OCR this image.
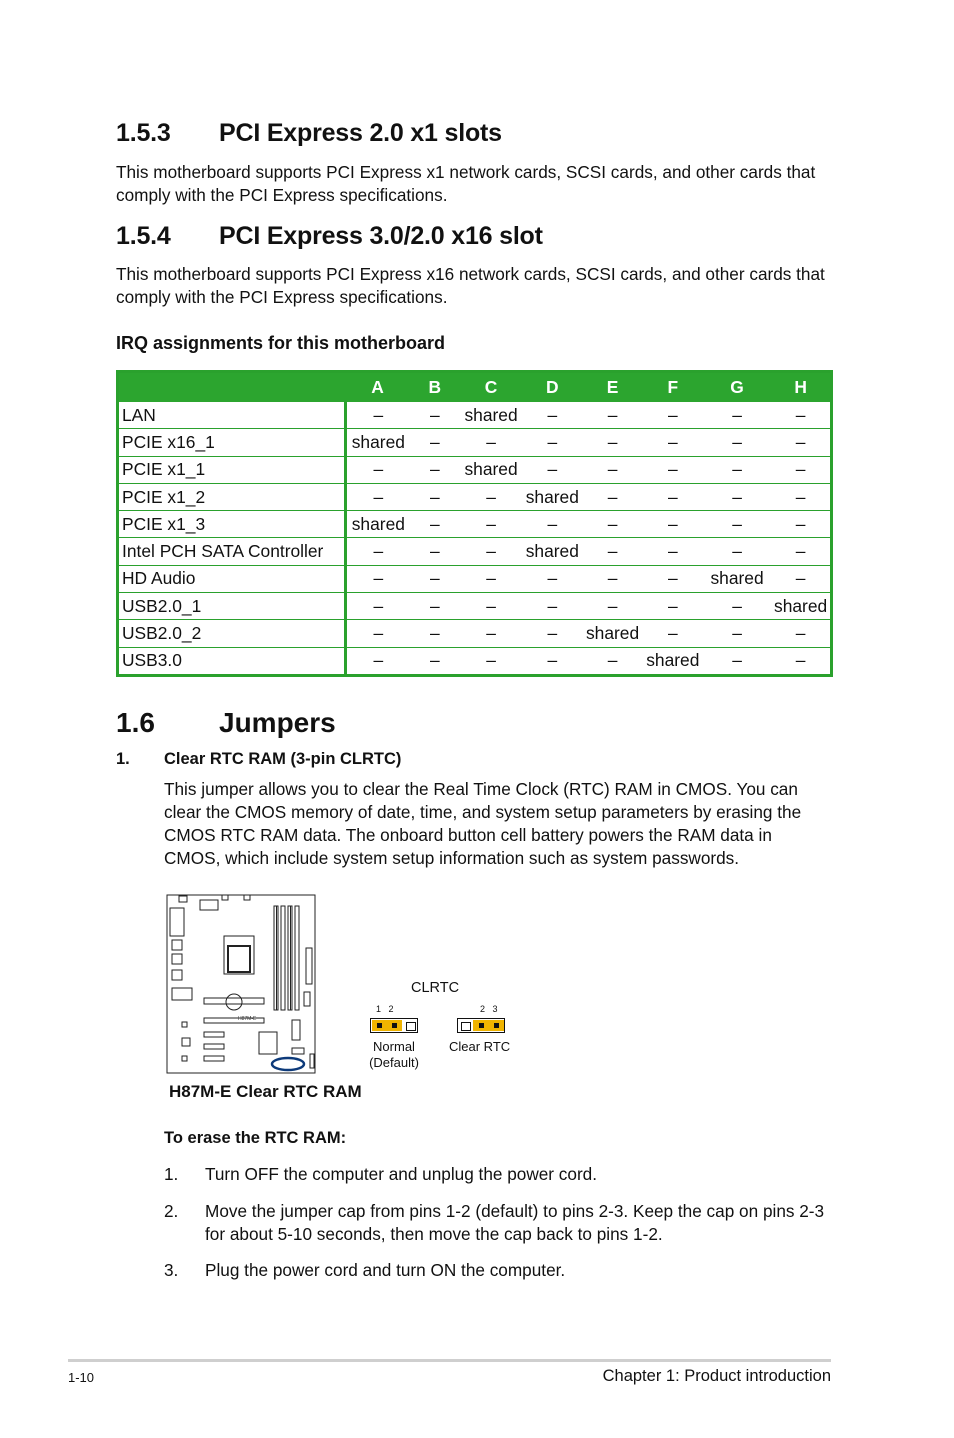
1.5.3 PCI Express 2.0 x1 slots
This motherboard supports PCI Express x1 network cards, SCSI cards, and other cards that comply with the PCI Express specifications.
1.5.4 PCI Express 3.0/2.0 x16 slot
This motherboard supports PCI Express x16 network cards, SCSI cards, and other cards that comply with the PCI Express specifications.
IRQ assignments for this motherboard
	A	B	C	D	E	F	G	H
LAN	–	–	shared	–	–	–	–	–
PCIE x16_1	shared	–	–	–	–	–	–	–
PCIE x1_1	–	–	shared	–	–	–	–	–
PCIE x1_2	–	–	–	shared	–	–	–	–
PCIE x1_3	shared	–	–	–	–	–	–	–
Intel PCH SATA Controller	–	–	–	shared	–	–	–	–
HD Audio	–	–	–	–	–	–	shared	–
USB2.0_1	–	–	–	–	–	–	–	shared
USB2.0_2	–	–	–	–	shared	–	–	–
USB3.0	–	–	–	–	–	shared	–	–
1.6 Jumpers
1. Clear RTC RAM (3-pin CLRTC)
This jumper allows you to clear the Real Time Clock (RTC) RAM in CMOS. You can clear the CMOS memory of date, time, and system setup parameters by erasing the CMOS RTC RAM data. The onboard button cell battery powers the RAM data in CMOS, which include system setup information such as system passwords.
H87M-E
CLRTC
1   2	2   3
Normal
(Default)
Clear RTC
H87M-E Clear RTC RAM
To erase the RTC RAM:
1. Turn OFF the computer and unplug the power cord.
2. Move the jumper cap from pins 1-2 (default) to pins 2-3. Keep the cap on pins 2-3 for about 5-10 seconds, then move the cap back to pins 1-2.
3. Plug the power cord and turn ON the computer.
1-10	Chapter 1: Product introduction
